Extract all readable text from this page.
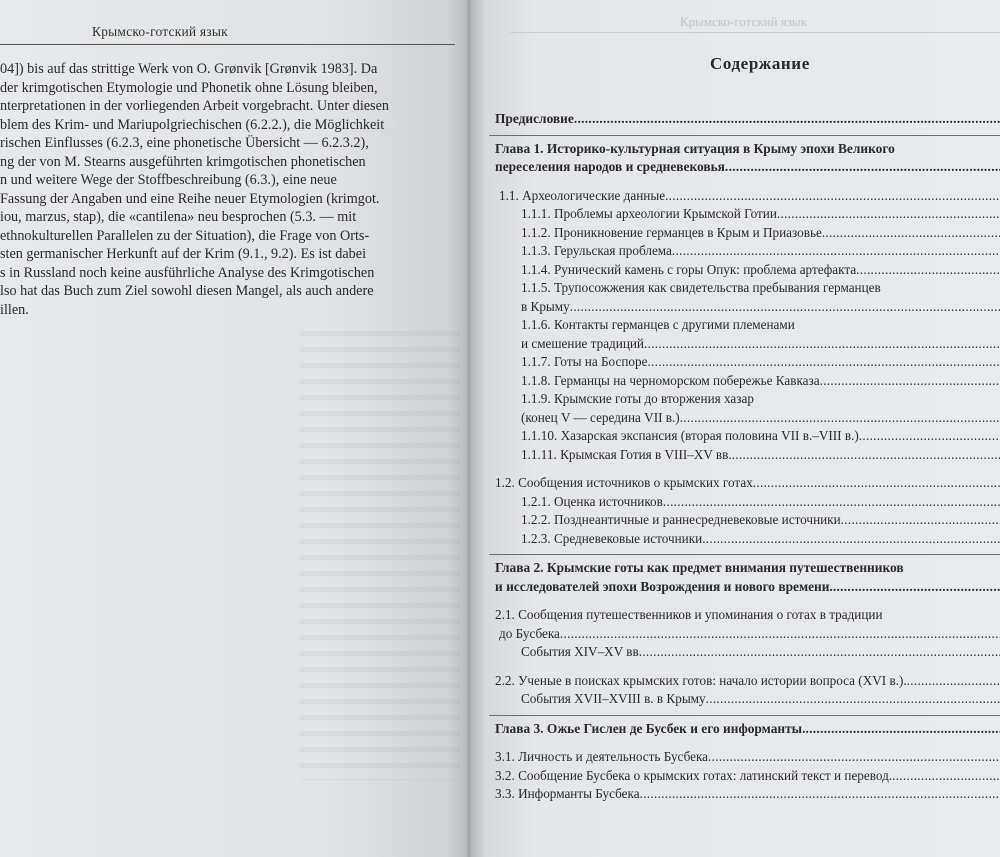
Крымско-готский язык
04]) bis auf das strittige Werk von O. Grønvik [Grønvik 1983]. Da
der krimgotischen Etymologie und Phonetik ohne Lösung bleiben,
nterpretationen in der vorliegenden Arbeit vorgebracht. Unter diesen
blem des Krim- und Mariupolgriechischen (6.2.2.), die Möglichkeit
rischen Einflusses (6.2.3, eine phonetische Übersicht — 6.2.3.2),
ng der von M. Stearns ausgeführten krimgotischen phonetischen
n und weitere Wege der Stoffbeschreibung (6.3.), eine neue
Fassung der Angaben und eine Reihe neuer Etymologien (krimgot.
iou, marzus, stap), die «cantilena» neu besprochen (5.3. — mit
ethnokulturellen Parallelen zu der Situation), die Frage von Orts-
sten germanischer Herkunft auf der Krim (9.1., 9.2). Es ist dabei
s in Russland noch keine ausführliche Analyse des Krimgotischen
lso hat das Buch zum Ziel sowohl diesen Mangel, als auch andere
illen.
Крымско-готский язык
Содержание
Предисловие .....
Глава 1. Историко-культурная ситуация в Крыму эпохи Великого
переселения народов и средневековья .....
1.1. Археологические данные .....
1.1.1. Проблемы археологии Крымской Готии .....
1.1.2. Проникновение германцев в Крым и Приазовье .....
1.1.3. Герульская проблема .....
1.1.4. Рунический камень с горы Опук: проблема артефакта .....
1.1.5. Трупосожжения как свидетельства пребывания германцев
в Крыму .....
1.1.6. Контакты германцев с другими племенами
и смешение традиций .....
1.1.7. Готы на Боспоре .....
1.1.8. Германцы на черноморском побережье Кавказа .....
1.1.9. Крымские готы до вторжения хазар
(конец V — середина VII в.) .....
1.1.10. Хазарская экспансия (вторая половина VII в.–VIII в.) .....
1.1.11. Крымская Готия в VIII–XV вв. .....
1.2. Сообщения источников о крымских готах .....
1.2.1. Оценка источников .....
1.2.2. Позднеантичные и раннесредневековые источники .....
1.2.3. Средневековые источники .....
Глава 2. Крымские готы как предмет внимания путешественников
и исследователей эпохи Возрождения и нового времени. .....
2.1. Сообщения путешественников и упоминания о готах в традиции
до Бусбека .....
События XIV–XV вв .....
2.2. Ученые в поисках крымских готов: начало истории вопроса (XVI в.). .....
События XVII–XVIII в. в Крыму .....
Глава 3. Ожье Гислен де Бусбек и его информанты. .....
3.1. Личность и деятельность Бусбека .....
3.2. Сообщение Бусбека о крымских готах: латинский текст и перевод. .....
3.3. Информанты Бусбека .....
